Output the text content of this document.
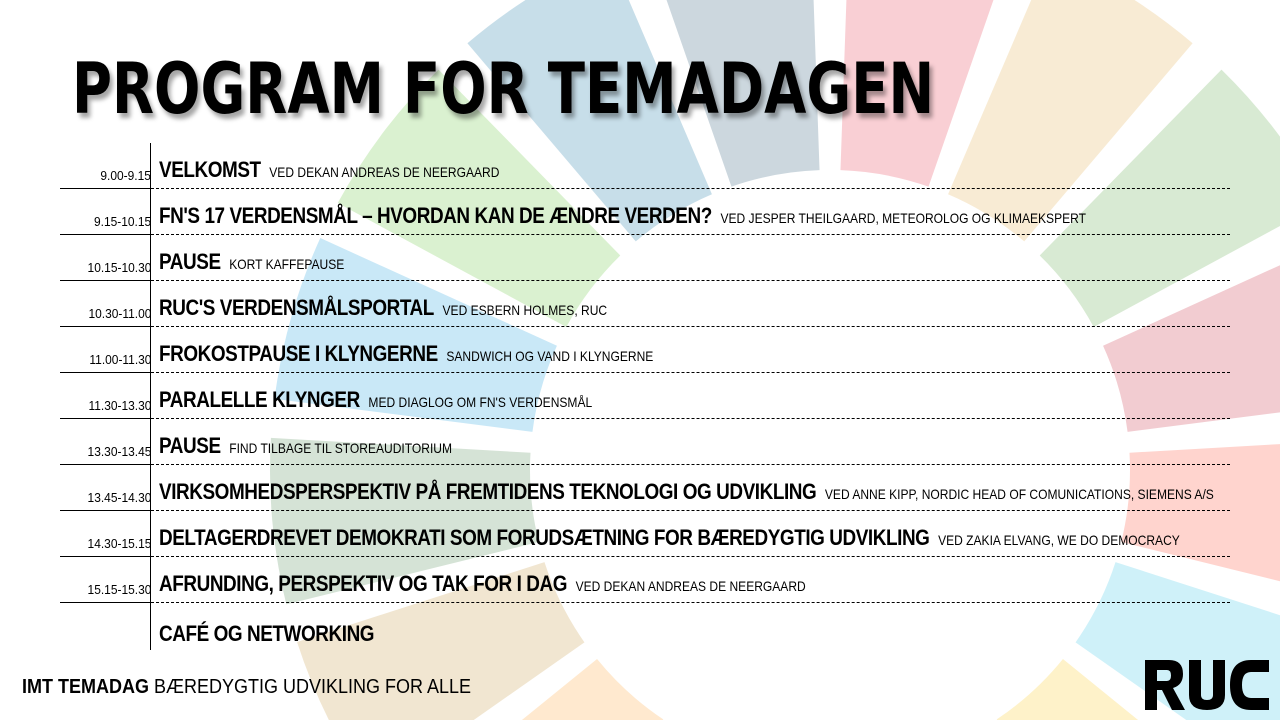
PROGRAM FOR TEMADAGEN
9.00-9.15 VELKOMST VED DEKAN ANDREAS DE NEERGAARD
9.15-10.15 FN'S 17 VERDENSMÅL – HVORDAN KAN DE ÆNDRE VERDEN? VED JESPER THEILGAARD, METEOROLOG OG KLIMAEKSPERT
10.15-10.30 PAUSE KORT KAFFEPAUSE
10.30-11.00 RUC'S VERDENSMÅLSPORTAL VED ESBERN HOLMES, RUC
11.00-11.30 FROKOSTPAUSE I KLYNGERNE SANDWICH OG VAND I KLYNGERNE
11.30-13.30 PARALELLE KLYNGER MED DIAGLOG OM FN'S VERDENSMÅL
13.30-13.45 PAUSE FIND TILBAGE TIL STOREAUDITORIUM
13.45-14.30 VIRKSOMHEDSPERSPEKTIV PÅ FREMTIDENS TEKNOLOGI OG UDVIKLING VED ANNE KIPP, NORDIC HEAD OF COMUNICATIONS, SIEMENS A/S
14.30-15.15 DELTAGERDREVET DEMOKRATI SOM FORUDSÆTNING FOR BÆREDYGTIG UDVIKLING VED ZAKIA ELVANG, WE DO DEMOCRACY
15.15-15.30 AFRUNDING, PERSPEKTIV OG TAK FOR I DAG VED DEKAN ANDREAS DE NEERGAARD
CAFÉ OG NETWORKING
IMT TEMADAG BÆREDYGTIG UDVIKLING FOR ALLE
